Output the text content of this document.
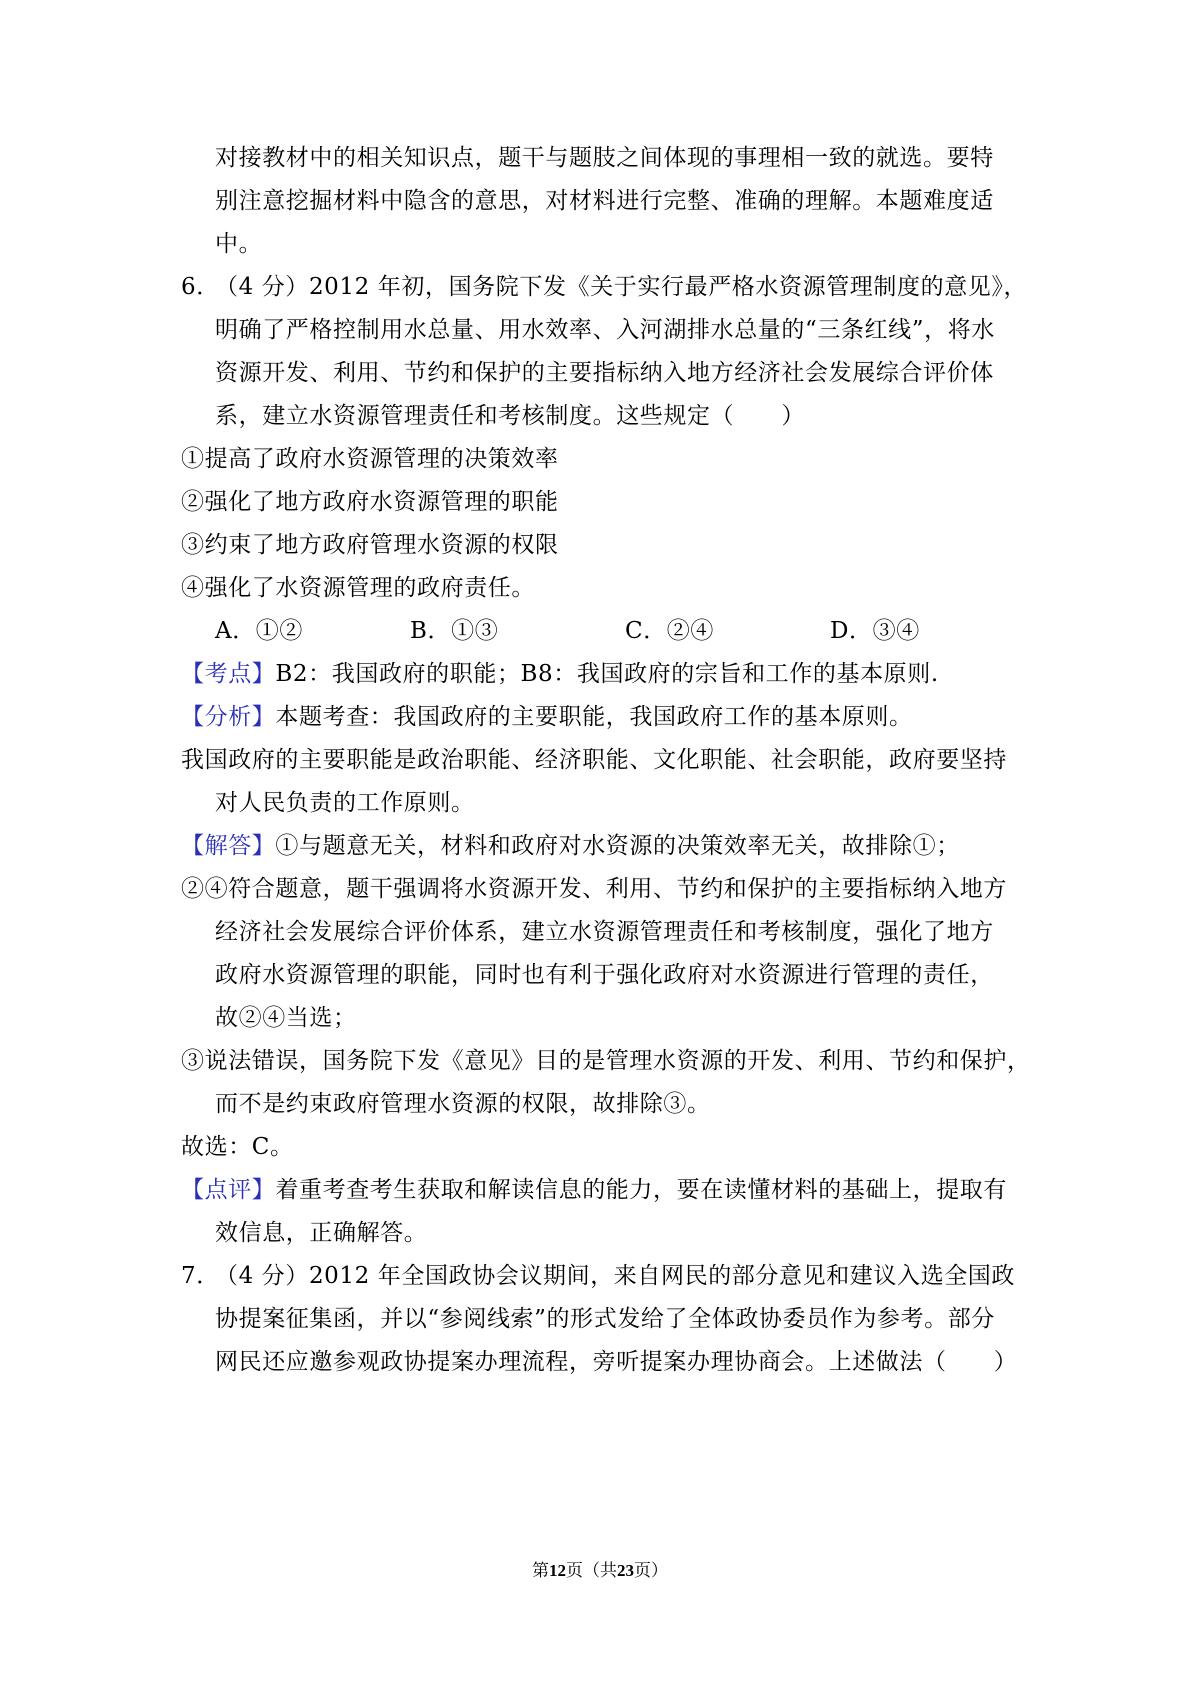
对接教材中的相关知识点，题干与题肢之间体现的事理相一致的就选。要特
别注意挖掘材料中隐含的意思，对材料进行完整、准确的理解。本题难度适
中。
6．
（4 分）2012 年初，国务院下发《关于实行最严格水资源管理制度的意见》，
明确了严格控制用水总量、用水效率、入河湖排水总量的“三条红线”，将水
资源开发、利用、节约和保护的主要指标纳入地方经济社会发展综合评价体
系，建立水资源管理责任和考核制度。这些规定（　　）
①提高了政府水资源管理的决策效率
②强化了地方政府水资源管理的职能
③约束了地方政府管理水资源的权限
④强化了水资源管理的政府责任。
A．①②	B．①③	C．②④	D．③④
【考点】B2：我国政府的职能；B8：我国政府的宗旨和工作的基本原则.
【分析】本题考查：我国政府的主要职能，我国政府工作的基本原则。
我国政府的主要职能是政治职能、经济职能、文化职能、社会职能，政府要坚持
对人民负责的工作原则。
【解答】①与题意无关，材料和政府对水资源的决策效率无关，故排除①；
②④符合题意，题干强调将水资源开发、利用、节约和保护的主要指标纳入地方
经济社会发展综合评价体系，建立水资源管理责任和考核制度，强化了地方
政府水资源管理的职能，同时也有利于强化政府对水资源进行管理的责任，
故②④当选；
③说法错误，国务院下发《意见》目的是管理水资源的开发、利用、节约和保护，
而不是约束政府管理水资源的权限，故排除③。
故选：C。
【点评】着重考查考生获取和解读信息的能力，要在读懂材料的基础上，提取有
效信息，正确解答。
7．
（4 分）2012 年全国政协会议期间，来自网民的部分意见和建议入选全国政
协提案征集函，并以“参阅线索”的形式发给了全体政协委员作为参考。部分
网民还应邀参观政协提案办理流程，旁听提案办理协商会。上述做法（　　）
第12页（共23页）
